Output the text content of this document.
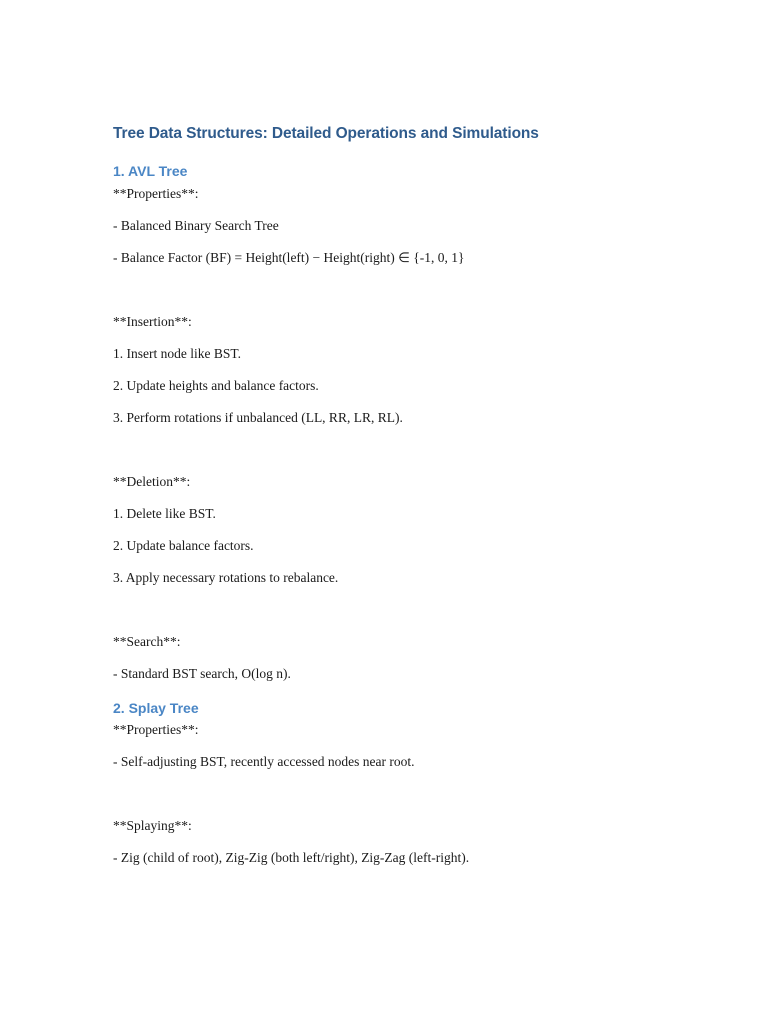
Tree Data Structures: Detailed Operations and Simulations
1. AVL Tree

**Properties**:

- Balanced Binary Search Tree

- Balance Factor (BF) = Height(left) − Height(right) ∈ {-1, 0, 1}

**Insertion**:

1. Insert node like BST.

2. Update heights and balance factors.

3. Perform rotations if unbalanced (LL, RR, LR, RL).

**Deletion**:

1. Delete like BST.

2. Update balance factors.

3. Apply necessary rotations to rebalance.

**Search**:

- Standard BST search, O(log n).

2. Splay Tree

**Properties**:

- Self-adjusting BST, recently accessed nodes near root.

**Splaying**:

- Zig (child of root), Zig-Zig (both left/right), Zig-Zag (left-right).
